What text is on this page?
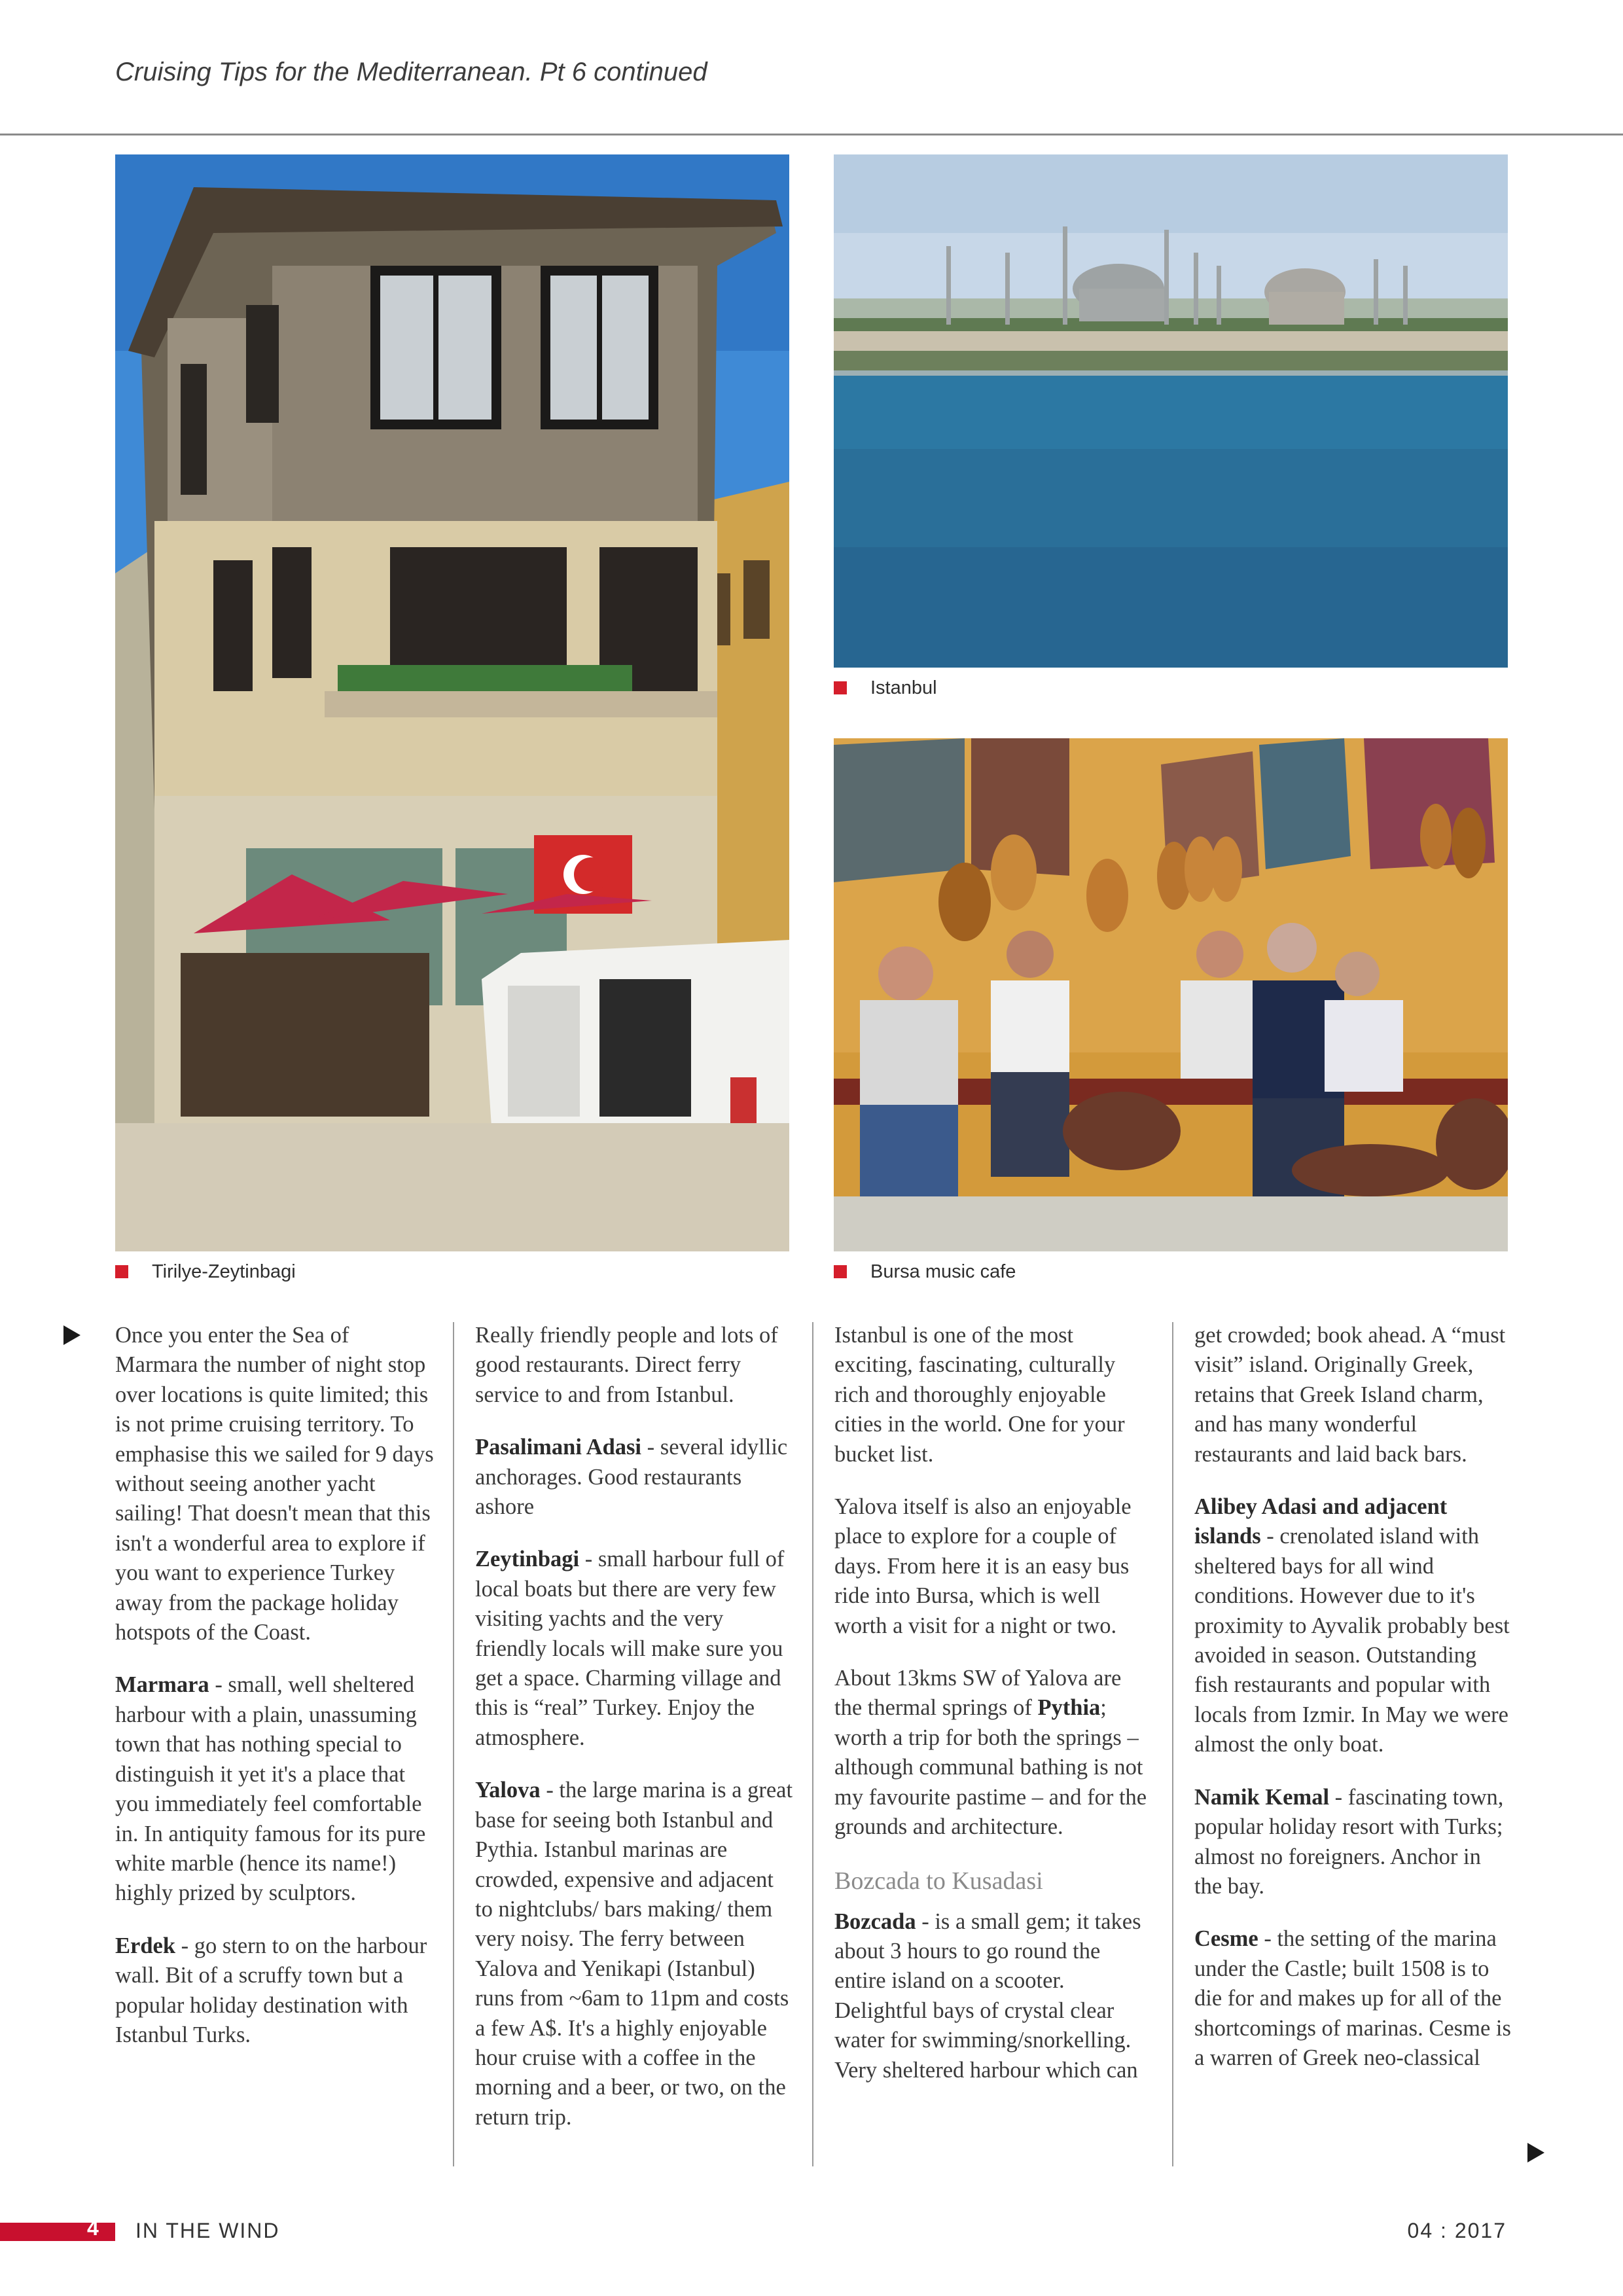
Cruising Tips for the Mediterranean. Pt 6 continued
Tirilye-Zeytinbagi
Istanbul
Bursa music cafe

Once you enter the Sea of Marmara the number of night stop over locations is quite limited; this is not prime cruising territory. To emphasise this we sailed for 9 days without seeing another yacht sailing! That doesn't mean that this isn't a wonderful area to explore if you want to experience Turkey away from the package holiday hotspots of the Coast.

Marmara - small, well sheltered harbour with a plain, unassuming town that has nothing special to distinguish it yet it's a place that you immediately feel comfortable in. In antiquity famous for its pure white marble (hence its name!) highly prized by sculptors.

Erdek - go stern to on the harbour wall. Bit of a scruffy town but a popular holiday destination with Istanbul Turks.

Really friendly people and lots of good restaurants. Direct ferry service to and from Istanbul.

Pasalimani Adasi - several idyllic anchorages. Good restaurants ashore

Zeytinbagi - small harbour full of local boats but there are very few visiting yachts and the very friendly locals will make sure you get a space. Charming village and this is “real” Turkey. Enjoy the atmosphere.

Yalova - the large marina is a great base for seeing both Istanbul and Pythia. Istanbul marinas are crowded, expensive and adjacent to nightclubs/ bars making/ them very noisy. The ferry between Yalova and Yenikapi (Istanbul) runs from ~6am to 11pm and costs a few A$. It's a highly enjoyable hour cruise with a coffee in the morning and a beer, or two, on the return trip.

Istanbul is one of the most exciting, fascinating, culturally rich and thoroughly enjoyable cities in the world. One for your bucket list.

Yalova itself is also an enjoyable place to explore for a couple of days. From here it is an easy bus ride into Bursa, which is well worth a visit for a night or two.

About 13kms SW of Yalova are the thermal springs of Pythia; worth a trip for both the springs – although communal bathing is not my favourite pastime – and for the grounds and architecture.

Bozcada to Kusadasi

Bozcada - is a small gem; it takes about 3 hours to go round the entire island on a scooter. Delightful bays of crystal clear water for swimming/snorkelling. Very sheltered harbour which can

get crowded; book ahead. A “must visit” island. Originally Greek, retains that Greek Island charm, and has many wonderful restaurants and laid back bars.

Alibey Adasi and adjacent islands - crenolated island with sheltered bays for all wind conditions. However due to it's proximity to Ayvalik probably best avoided in season. Outstanding fish restaurants and popular with locals from Izmir. In May we were almost the only boat.

Namik Kemal - fascinating town, popular holiday resort with Turks; almost no foreigners. Anchor in the bay.

Cesme - the setting of the marina under the Castle; built 1508 is to die for and makes up for all of the shortcomings of marinas. Cesme is a warren of Greek neo-classical

4 IN THE WIND	04 : 2017
